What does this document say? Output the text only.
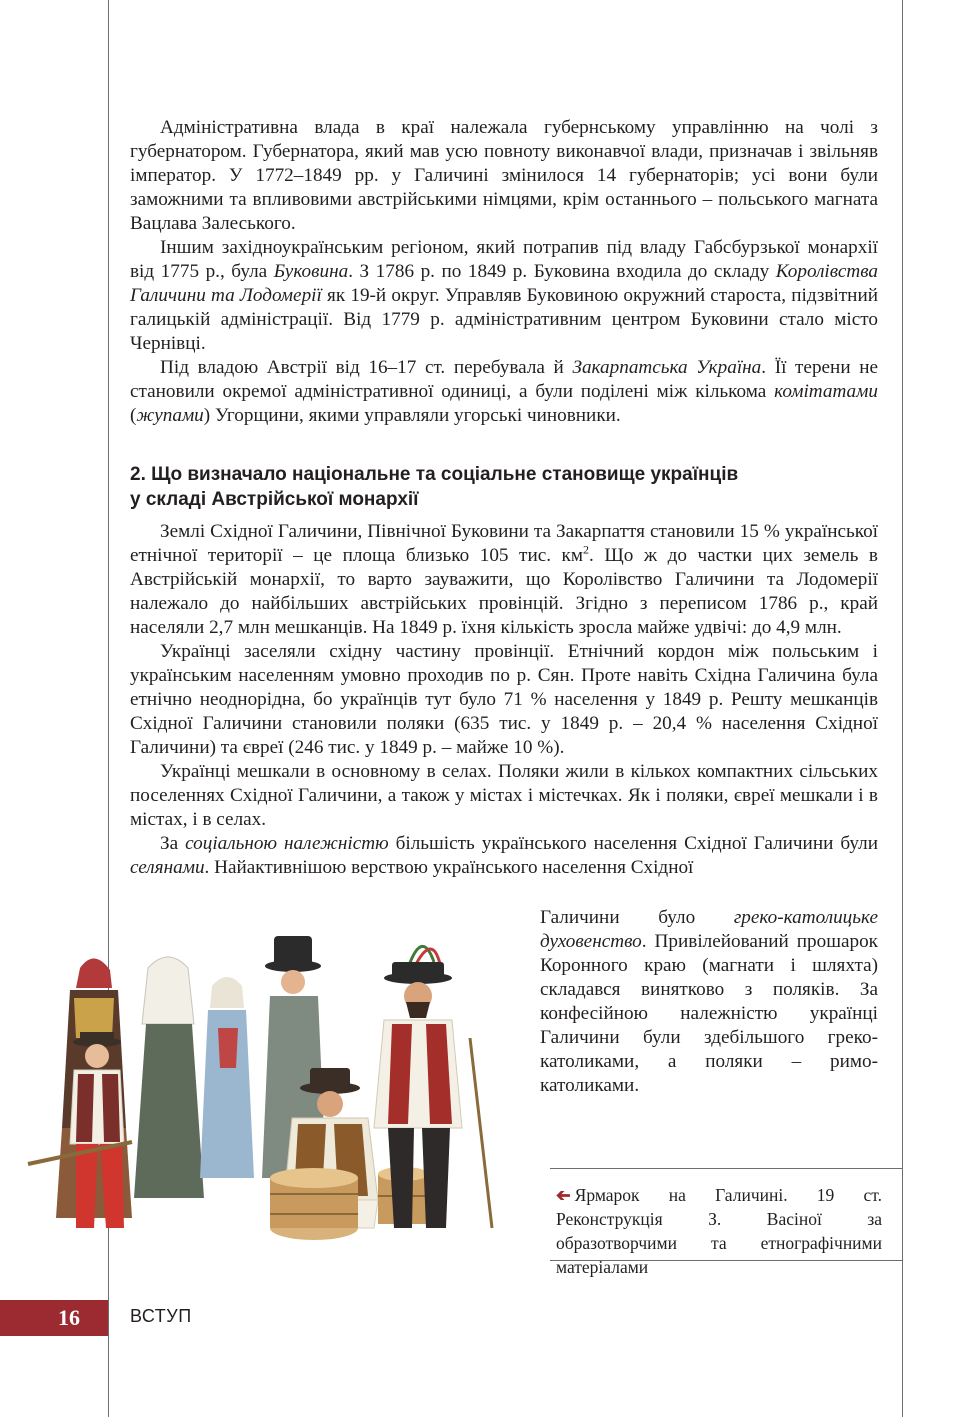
Адміністративна влада в краї належала губернському управлінню на чолі з губернатором. Губернатора, який мав усю повноту виконавчої влади, призначав і звільняв імператор. У 1772–1849 рр. у Галичині змінилося 14 губернаторів; усі вони були заможними та впливовими австрійськими німцями, крім останнього – польського магната Вацлава Залеського.

Іншим західноукраїнським регіоном, який потрапив під владу Габсбурзької монархії від 1775 р., була Буковина. З 1786 р. по 1849 р. Буковина входила до складу Королівства Галичини та Лодомерії як 19-й округ. Управляв Буковиною окружний староста, підзвітний галицькій адміністрації. Від 1779 р. адміністративним центром Буковини стало місто Чернівці.

Під владою Австрії від 16–17 ст. перебувала й Закарпатська Україна. Її терени не становили окремої адміністративної одиниці, а були поділені між кількома комітатами (жупами) Угорщини, якими управляли угорські чиновники.

2. Що визначало національне та соціальне становище українців
у складі Австрійської монархії

Землі Східної Галичини, Північної Буковини та Закарпаття становили 15 % української етнічної території – це площа близько 105 тис. $км^2$. Що ж до частки цих земель в Австрійській монархії, то варто зауважити, що Королівство Галичини та Лодомерії належало до найбільших австрійських провінцій. Згідно з переписом 1786 р., край населяли 2,7 млн мешканців. На 1849 р. їхня кількість зросла майже удвічі: до 4,9 млн.

Українці заселяли східну частину провінції. Етнічний кордон між польським і українським населенням умовно проходив по р. Сян. Проте навіть Східна Галичина була етнічно неоднорідна, бо українців тут було 71 % населення у 1849 р. Решту мешканців Східної Галичини становили поляки (635 тис. у 1849 р. – 20,4 % населення Східної Галичини) та євреї (246 тис. у 1849 р. – майже 10 %).

Українці мешкали в основному в селах. Поляки жили в кількох компактних сільських поселеннях Східної Галичини, а також у містах і містечках. Як і поляки, євреї мешкали і в містах, і в селах.

За соціальною належністю більшість українського населення Східної Галичини були селянами. Найактивнішою верствою українського населення Східної

Галичини було греко-католицьке духовенство. Привілейований прошарок Коронного краю (магнати і шляхта) складався винятково з поляків. За конфесійною належністю українці Галичини були здебільшого греко-католиками, а поляки – римо-католиками.

➔ Ярмарок на Галичині. 19 ст. Реконструкція З. Васіної за образотворчими та етнографічними матеріалами
16	ВСТУП
